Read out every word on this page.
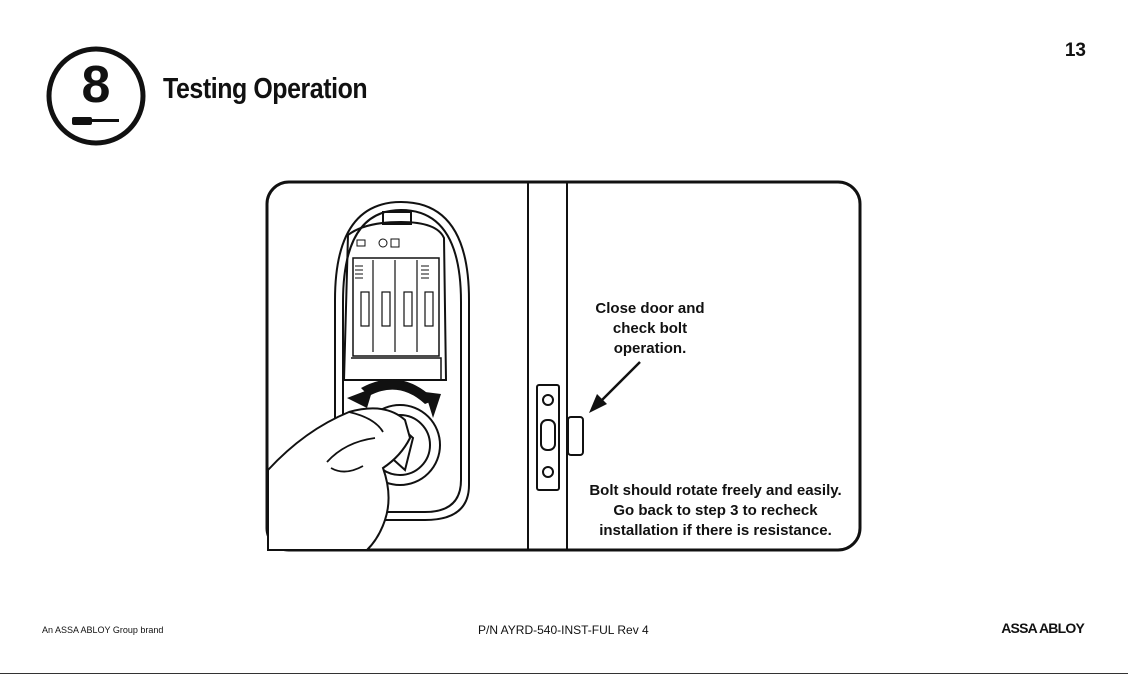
13
8 Testing Operation
Close door and
check bolt
operation.
Bolt should rotate freely and easily.
Go back to step 3 to recheck
installation if there is resistance.
An ASSA ABLOY Group brand	P/N AYRD-540-INST-FUL Rev 4	ASSA ABLOY
